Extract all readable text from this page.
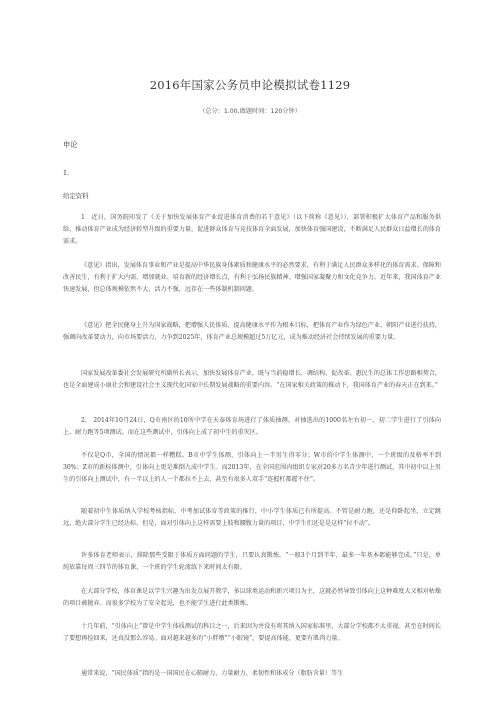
2016年国家公务员申论模拟试卷1129
（总分：1.00,做题时间：120分钟）
申论
1.
给定资料

1　近日，国务院印发了《关于加快发展体育产业促进体育消费的若干意见》（以下简称《意见》），部署积极扩大体育产品和服务供给，推动体育产业成为经济转型升级的重要力量，促进群众体育与竞技体育全面发展，加快体育强国建设，不断满足人民群众日益增长的体育需求。

《意见》指出，发展体育事业和产业是提高中华民族身体素质和健康水平的必然要求，有利于满足人民群众多样化的体育需求、保障和改善民生，有利于扩大内需、增加就业、培育新的经济增长点，有利于弘扬民族精神、增强国家凝聚力和文化竞争力。近年来，我国体育产业快速发展，但总体规模依然不大，活力不强，远存在一些体制机制问题。

《意见》把全民健身上升为国家战略，把增强人民体质、提高健康水平作为根本目标，把体育产业作为绿色产业、朝阳产业进行扶持，强调向改革要动力，向市场要活力，力争到2025年，体育产业总规模超过5万亿元，成为推动经济社会持续发展的重要力量。

国家发展改革委社会发展研究所副所长表示，加快发展体育产业，既与当前稳增长、调结构、促改革、惠民生的总体工作思路相契合，也是全面建成小康社会和建设社会主义现代化国家中长期发展战略的重要内容。“在国家相关政策的推动下，我国体育产业的春天正在到来。”

2.　2014年10月24日，Q市南区的10所中学在天泰体育场进行了体质抽测。对抽选出的1000名左右初一、初二学生进行了引体向上、耐力跑等5项测试。而在这些测试中，引体向上成了初中生的重灾区。

不仅是Q市，全国的情况都一样糟糕。B市中学生体测，引体向上一半男生得零分；W市的中学生体测中，一个班级的及格率不到30%；Z市的新标体测中，引体向上更是难倒九成中学生。而2013年，在全国范围内组织专家对20多万名青少年进行测试，其中初中以上男生的引体向上测试中，有一半以上的人一个都拉不上去，甚至有很多人双手“连握杠都握不住”。

随着初中生体质纳入学校考核指标、中考加试体育等政策的推行，中小学生体质已有所提高。不管是耐力跑，还是仰卧起坐、立定跳远，绝大部分学生已经达标。但是，面对引体向上这样需要上肢和腰腹力量的项目，中学生们还是是这样“拉不动”。

许多体育老师表示，排除那些受限于体质方面问题的学生，只要认真锻炼，“一般3个月到半年，最多一年基本都能够完成。”只是，单纯依靠每周三四节的体育课，一个班的学生轮流练下来时间太有限。

在大部分学校，体育课是以学生兴趣为出发点展开教学，多以球类运动和新兴项目为主，这就必然导致引体向上这种难度大又相对枯燥的项目被抛弃。而很多学校为了安全起见，也不能学生进行此类锻炼。

十几年前，“引体向上”曾是中学生体质测试的科目之一，后来因为并没有将其纳入国家标准里，大部分学校都不太重视。甚至在时间长了要想再捡回来，还真没那么容易。面对越来越多的“小胖墩”“小眼镜”，要提高体能，更要有肌肉力量。

通常来说，“国民体质”指的是一国国民在心肺耐力、力量耐力、柔韧性和体成分（脂肪含量）等生
